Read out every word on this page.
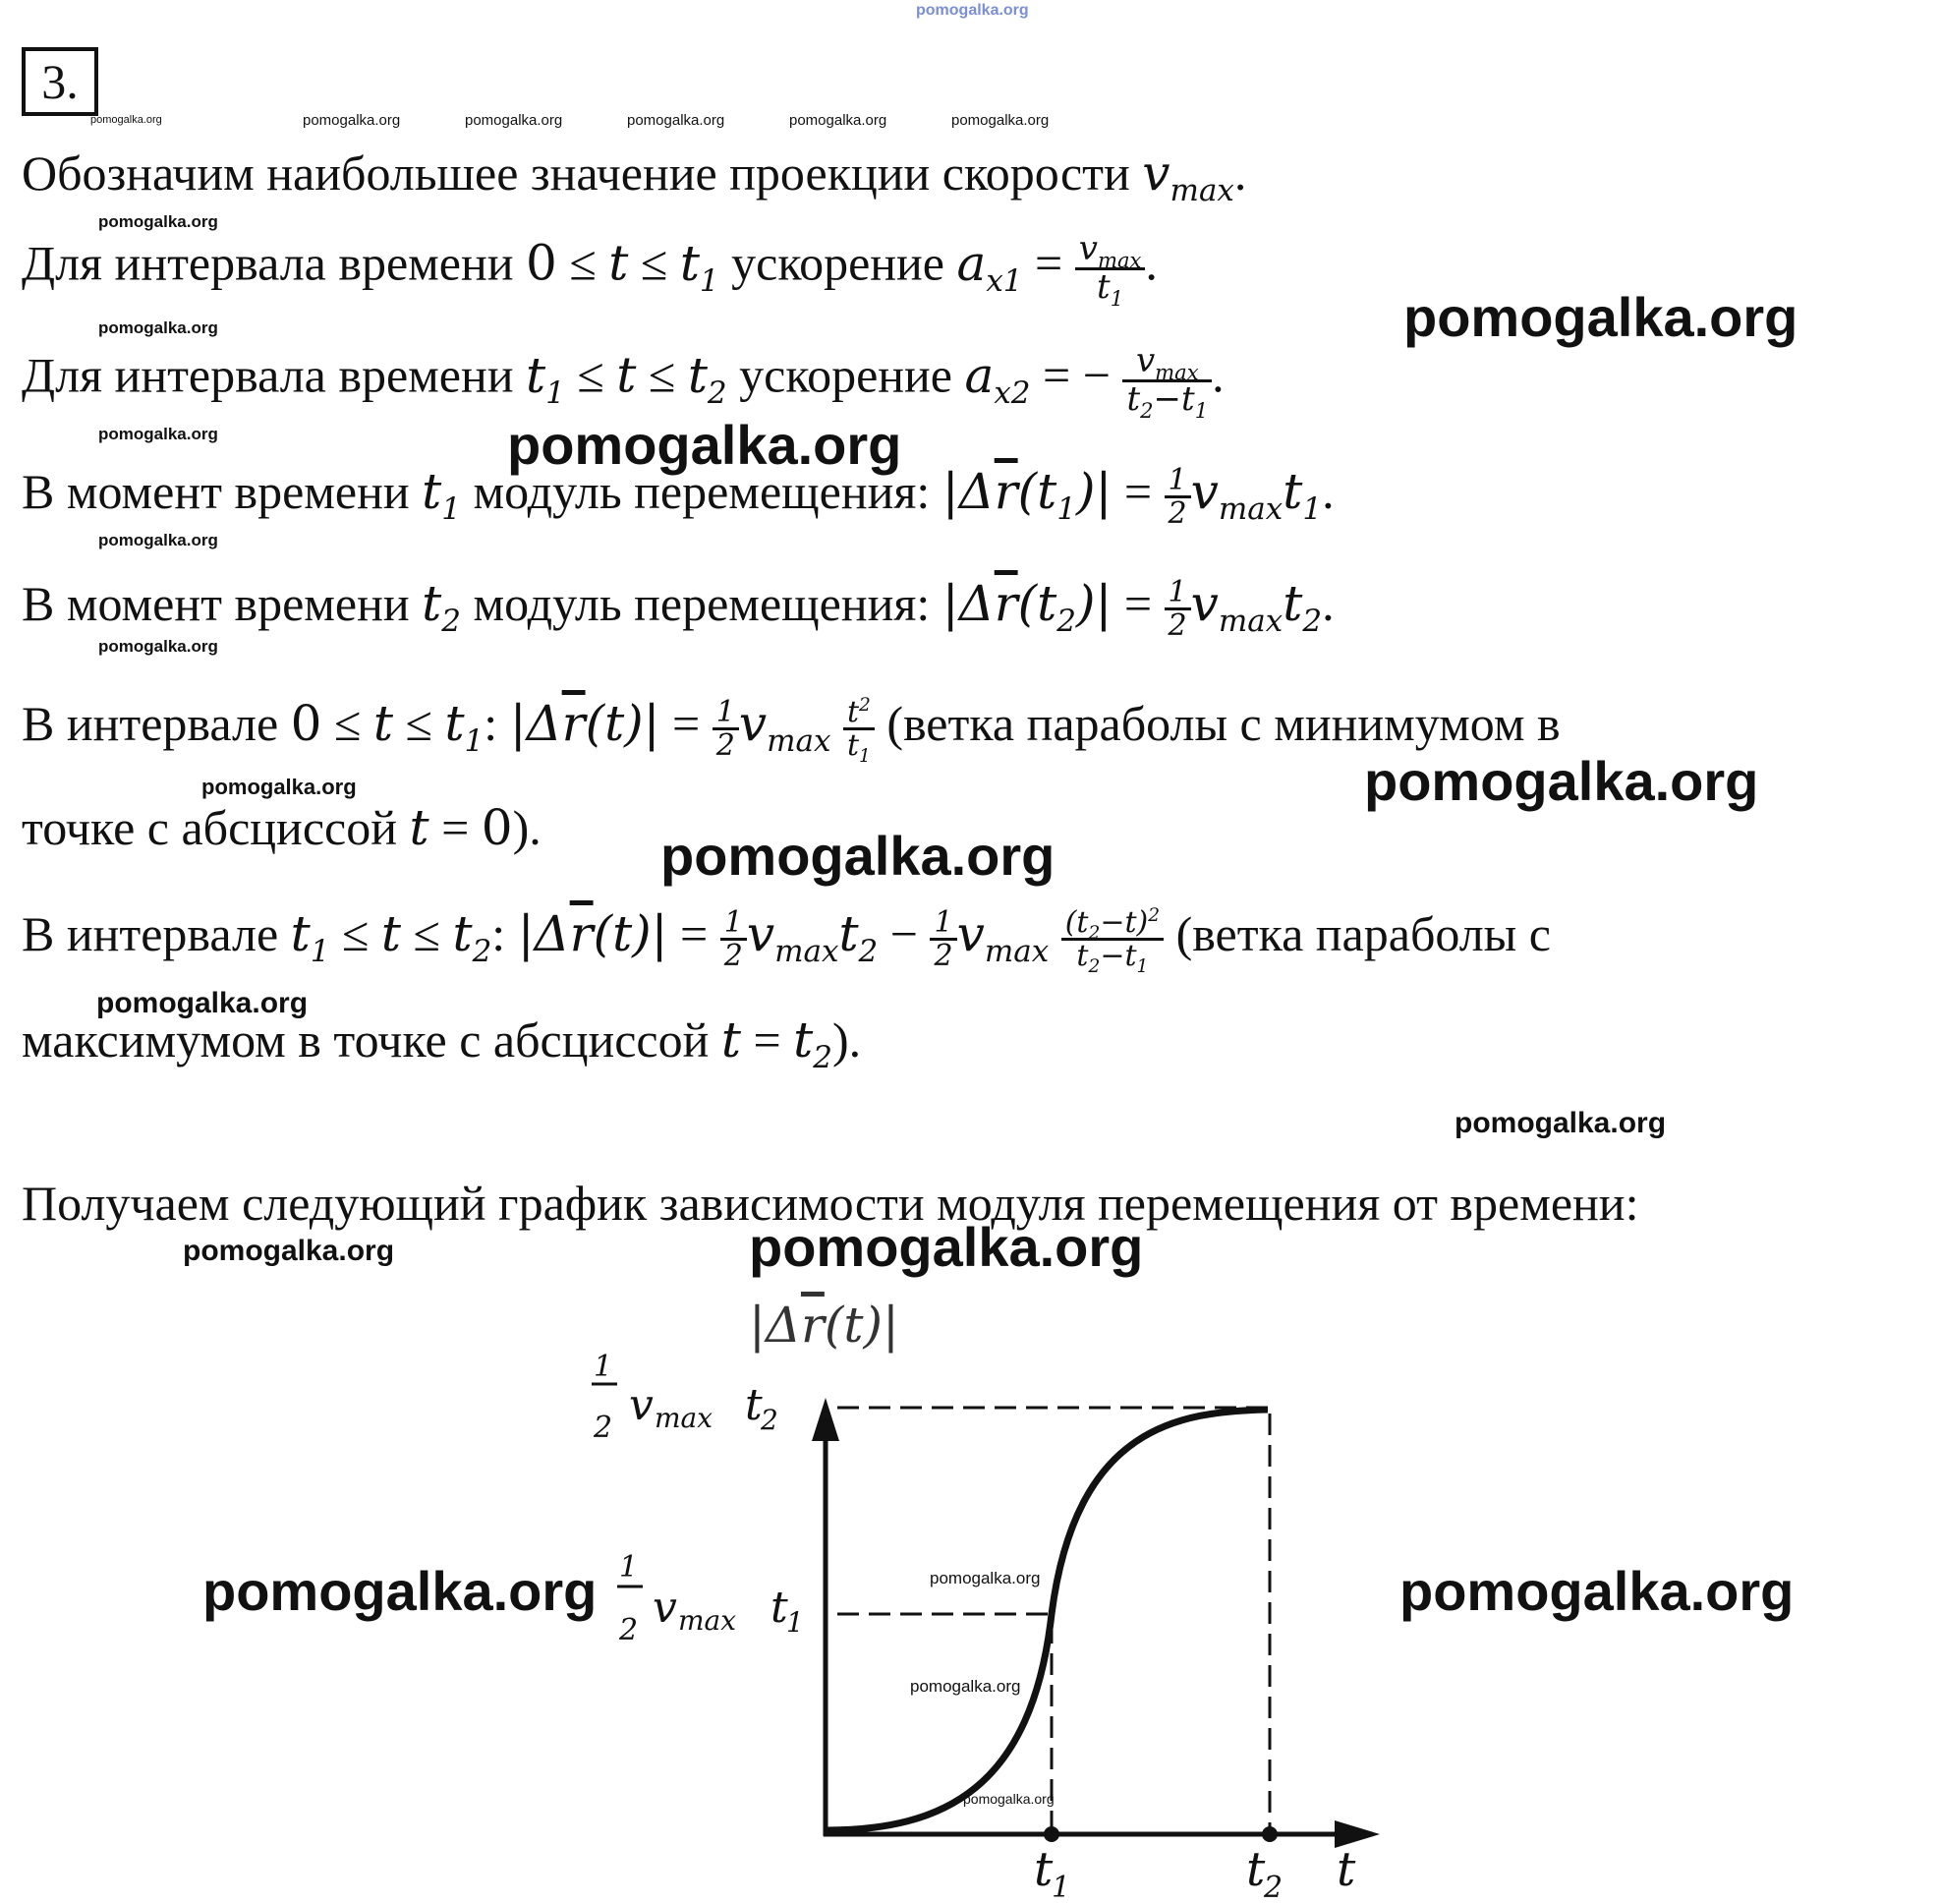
pomogalka.org
3.
pomogalka.org	pomogalka.org	pomogalka.org	pomogalka.org	pomogalka.org	pomogalka.org
Обозначим наибольшее значение проекции скорости $v_{max}$.
pomogalka.org
Для интервала времени $0 \le t \le t_1$ ускорение $a_{x1} = \frac{v_{max}}{t_1}$ .
pomogalka.org
pomogalka.org
Для интервала времени $t_1 \le t \le t_2$ ускорение $a_{x2}$ = − $\frac{v_{max}}{t_2-t_1}$ .
pomogalka.org	pomogalka.org
В момент времени $t_1$ модуль перемещения: $|\Delta\overline{r}(t_1)| = \frac{1}{2} v_{max}t_1$.
pomogalka.org
В момент времени $t_2$ модуль перемещения: $|\Delta\overline{r}(t_2)| = \frac{1}{2} v_{max}t_2$.
pomogalka.org
В интервале $0 \le t \le t_1$: $|\Delta\overline{r}(t)| = \frac{1}{2} v_{max} \frac{t^2}{t_1}$ (ветка параболы с минимумом в
pomogalka.org	pomogalka.org
точке с абсциссой t = 0). pomogalka.org
В интервале $t_1 \le t \le t_2$: $|\Delta\overline{r}(t)| = \frac{1}{2} v_{max}t_2 - \frac{1}{2} v_{max} \frac{(t_2-t)^2}{t_2-t_1}$ (ветка параболы с
pomogalka.org
максимумом в точке с абсциссой $t = t_2$).
pomogalka.org
Получаем следующий график зависимости модуля перемещения от времени:
pomogalka.org	pomogalka.org
$|\Delta\overline{r}(t)|$
1
2 v max t
2
1
2 v max t
1
t
1	t
2 t
pomogalka.org	pomogalka.org
pomogalka.org
pomogalka.org
pomogalka.org
